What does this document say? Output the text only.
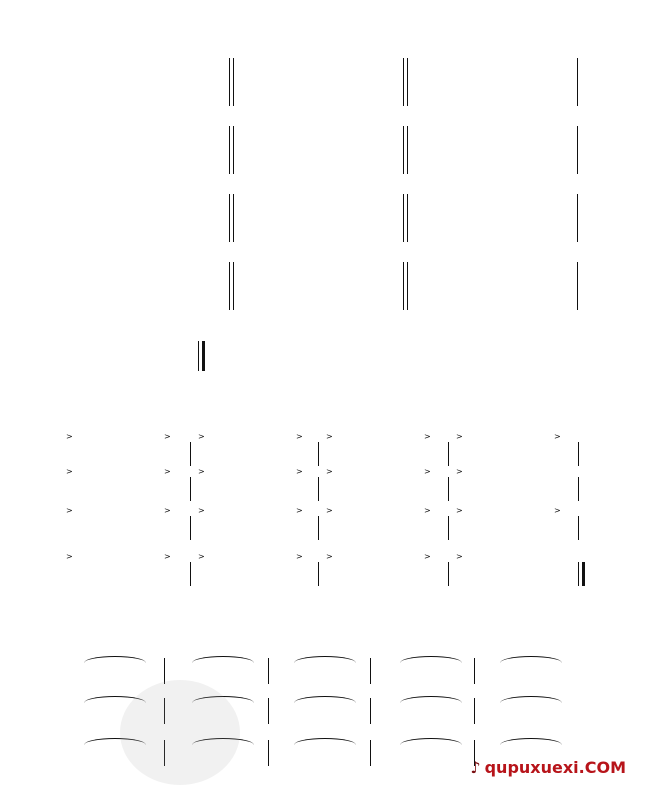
>	>	>	>	>	>	>	>
>	>	>	>	>	>	>
>	>	>	>	>	>	>	>
>	>	>	>	>	>	>
♪ qupuxuexi.COM
